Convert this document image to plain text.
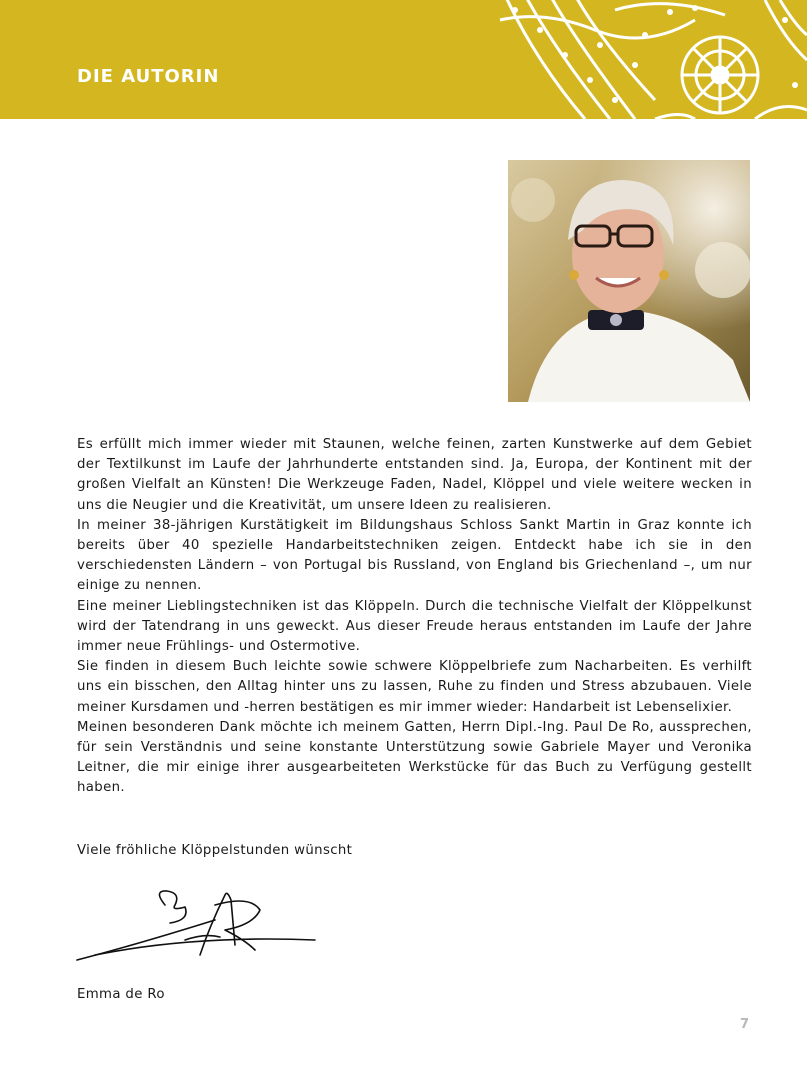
DIE AUTORIN

Es erfüllt mich immer wieder mit Staunen, welche feinen, zarten Kunstwerke auf dem Gebiet der Textilkunst im Laufe der Jahrhunderte entstanden sind. Ja, Europa, der Kontinent mit der großen Vielfalt an Künsten! Die Werkzeuge Faden, Nadel, Klöppel und viele weitere wecken in uns die Neugier und die Kreativität, um unsere Ideen zu realisieren.

In meiner 38-jährigen Kurstätigkeit im Bildungshaus Schloss Sankt Martin in Graz konnte ich bereits über 40 spezielle Handarbeitstechniken zeigen. Entdeckt habe ich sie in den verschiedensten Ländern – von Portugal bis Russland, von England bis Griechenland –, um nur einige zu nennen.

Eine meiner Lieblingstechniken ist das Klöppeln. Durch die technische Vielfalt der Klöppelkunst wird der Tatendrang in uns geweckt. Aus dieser Freude heraus entstanden im Laufe der Jahre immer neue Frühlings- und Ostermotive.

Sie finden in diesem Buch leichte sowie schwere Klöppelbriefe zum Nacharbeiten. Es verhilft uns ein bisschen, den Alltag hinter uns zu lassen, Ruhe zu finden und Stress abzubauen. Viele meiner Kursdamen und -herren bestätigen es mir immer wieder: Handarbeit ist Lebenselixier.

Meinen besonderen Dank möchte ich meinem Gatten, Herrn Dipl.-Ing. Paul De Ro, aussprechen, für sein Verständnis und seine konstante Unterstützung sowie Gabriele Mayer und Veronika Leitner, die mir einige ihrer ausgearbeiteten Werkstücke für das Buch zu Verfügung gestellt haben.

Viele fröhliche Klöppelstunden wünscht
Emma de Ro
7
